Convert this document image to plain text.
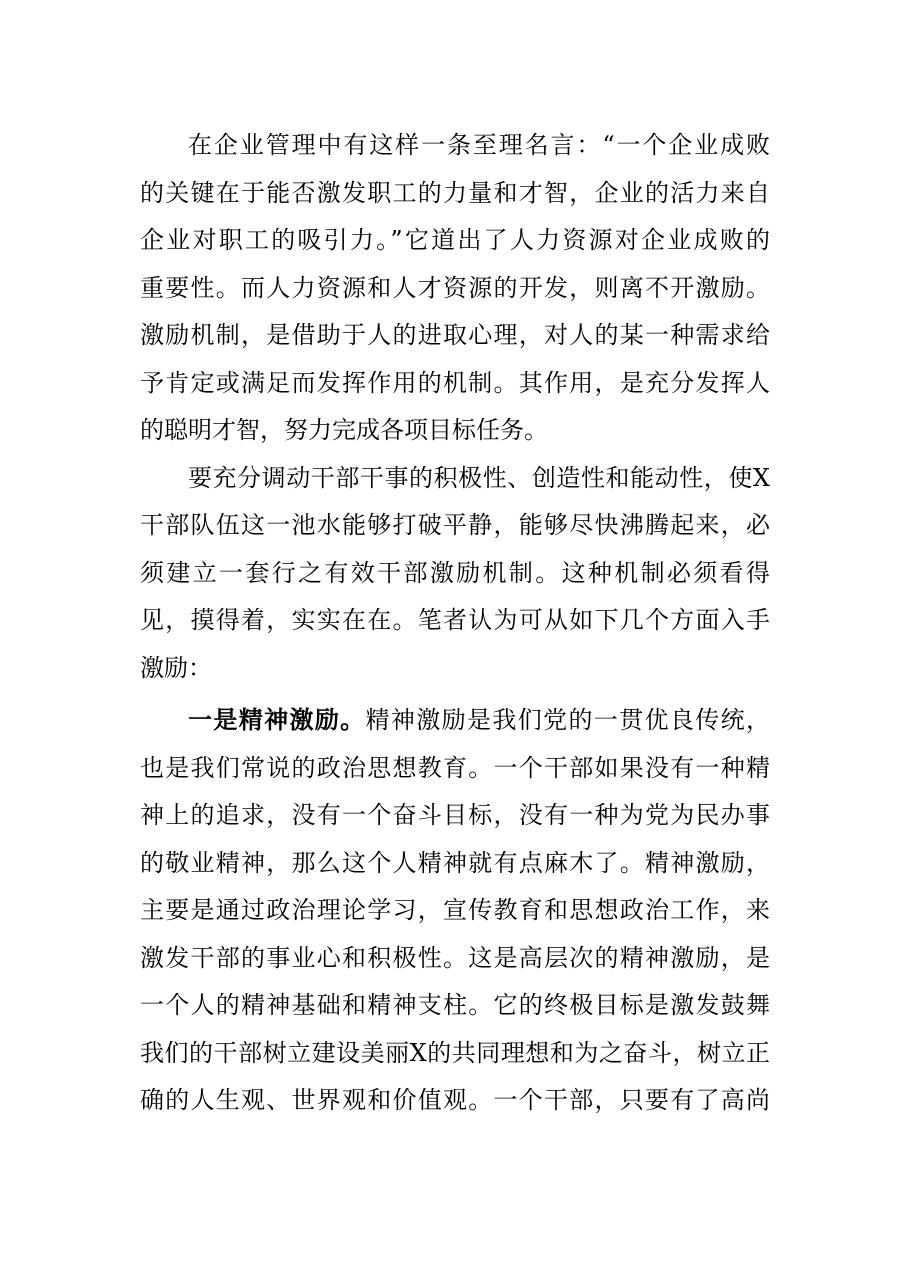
在企业管理中有这样一条至理名言：“一个企业成败
的关键在于能否激发职工的力量和才智，企业的活力来自
企业对职工的吸引力。”它道出了人力资源对企业成败的
重要性。而人力资源和人才资源的开发，则离不开激励。
激励机制，是借助于人的进取心理，对人的某一种需求给
予肯定或满足而发挥作用的机制。其作用，是充分发挥人
的聪明才智，努力完成各项目标任务。
要充分调动干部干事的积极性、创造性和能动性，使X
干部队伍这一池水能够打破平静，能够尽快沸腾起来，必
须建立一套行之有效干部激励机制。这种机制必须看得
见，摸得着，实实在在。笔者认为可从如下几个方面入手
激励：
一是精神激励。精神激励是我们党的一贯优良传统，
也是我们常说的政治思想教育。一个干部如果没有一种精
神上的追求，没有一个奋斗目标，没有一种为党为民办事
的敬业精神，那么这个人精神就有点麻木了。精神激励，
主要是通过政治理论学习，宣传教育和思想政治工作，来
激发干部的事业心和积极性。这是高层次的精神激励，是
一个人的精神基础和精神支柱。它的终极目标是激发鼓舞
我们的干部树立建设美丽X的共同理想和为之奋斗，树立正
确的人生观、世界观和价值观。一个干部，只要有了高尚
